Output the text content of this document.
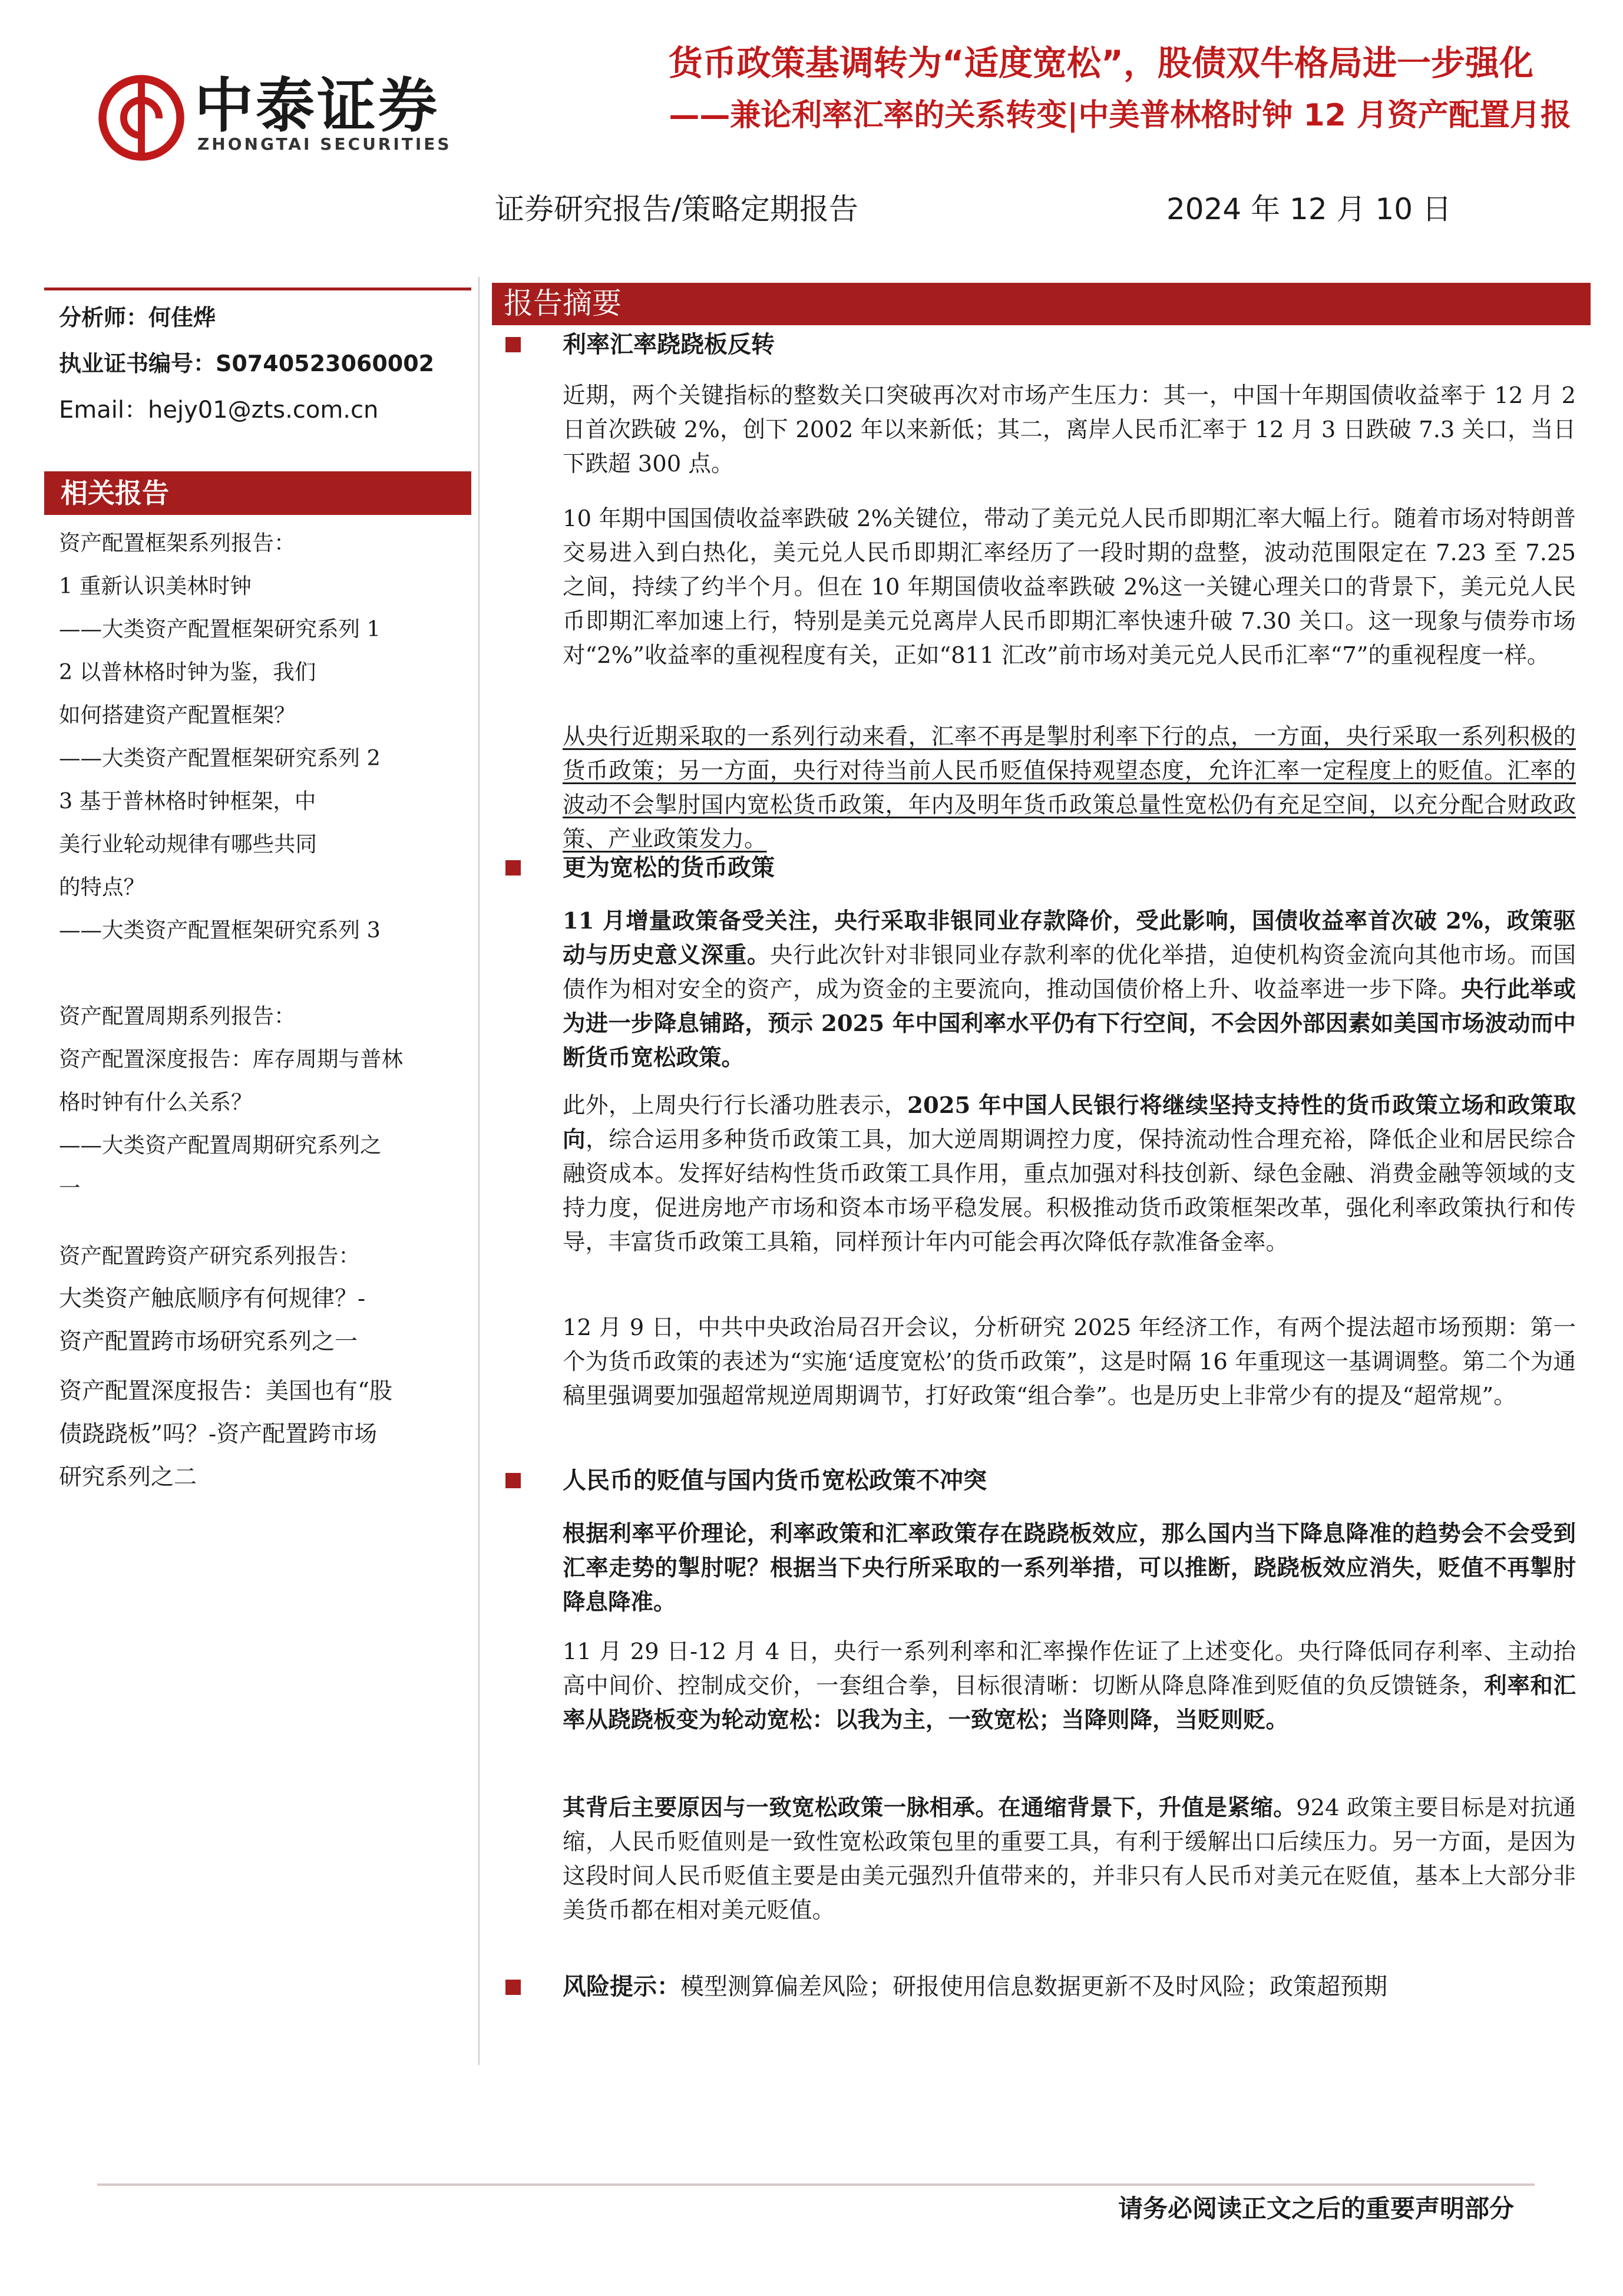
中泰证券
ZHONGTAI SECURITIES
货币政策基调转为“适度宽松”，股债双牛格局进一步强化
——兼论利率汇率的关系转变|中美普林格时钟 12 月资产配置月报
证券研究报告/策略定期报告	2024 年 12 月 10 日
分析师：何佳烨
执业证书编号：S0740523060002
Email：hejy01@zts.com.cn
相关报告
资产配置框架系列报告：
1 重新认识美林时钟
——大类资产配置框架研究系列 1
2 以普林格时钟为鉴，我们
如何搭建资产配置框架？
——大类资产配置框架研究系列 2
3 基于普林格时钟框架，中
美行业轮动规律有哪些共同
的特点？
——大类资产配置框架研究系列 3
资产配置周期系列报告：
资产配置深度报告：库存周期与普林
格时钟有什么关系？
——大类资产配置周期研究系列之
一
资产配置跨资产研究系列报告：
大类资产触底顺序有何规律？-
资产配置跨市场研究系列之一
资产配置深度报告：美国也有“股
债跷跷板”吗？-资产配置跨市场
研究系列之二
报告摘要
利率汇率跷跷板反转
近期，两个关键指标的整数关口突破再次对市场产生压力：其一，中国十年期国债收益率于 12 月 2 日首次跌破 2%，创下 2002 年以来新低；其二，离岸人民币汇率于 12 月 3 日跌破 7.3 关口，当日下跌超 300 点。
10 年期中国国债收益率跌破 2%关键位，带动了美元兑人民币即期汇率大幅上行。随着市场对特朗普交易进入到白热化，美元兑人民币即期汇率经历了一段时期的盘整，波动范围限定在 7.23 至 7.25 之间，持续了约半个月。但在 10 年期国债收益率跌破 2%这一关键心理关口的背景下，美元兑人民币即期汇率加速上行，特别是美元兑离岸人民币即期汇率快速升破 7.30 关口。这一现象与债券市场对“2%”收益率的重视程度有关，正如“811 汇改”前市场对美元兑人民币汇率“7”的重视程度一样。
从央行近期采取的一系列行动来看，汇率不再是掣肘利率下行的点，一方面，央行采取一系列积极的货币政策；另一方面，央行对待当前人民币贬值保持观望态度，允许汇率一定程度上的贬值。汇率的波动不会掣肘国内宽松货币政策，年内及明年货币政策总量性宽松仍有充足空间，以充分配合财政政策、产业政策发力。
更为宽松的货币政策
11 月增量政策备受关注，央行采取非银同业存款降价，受此影响，国债收益率首次破 2%，政策驱动与历史意义深重。央行此次针对非银同业存款利率的优化举措，迫使机构资金流向其他市场。而国债作为相对安全的资产，成为资金的主要流向，推动国债价格上升、收益率进一步下降。央行此举或为进一步降息铺路，预示 2025 年中国利率水平仍有下行空间，不会因外部因素如美国市场波动而中断货币宽松政策。
此外，上周央行行长潘功胜表示，2025 年中国人民银行将继续坚持支持性的货币政策立场和政策取向，综合运用多种货币政策工具，加大逆周期调控力度，保持流动性合理充裕，降低企业和居民综合融资成本。发挥好结构性货币政策工具作用，重点加强对科技创新、绿色金融、消费金融等领域的支持力度，促进房地产市场和资本市场平稳发展。积极推动货币政策框架改革，强化利率政策执行和传导，丰富货币政策工具箱，同样预计年内可能会再次降低存款准备金率。
12 月 9 日，中共中央政治局召开会议，分析研究 2025 年经济工作，有两个提法超市场预期：第一个为货币政策的表述为“实施‘适度宽松’的货币政策”，这是时隔 16 年重现这一基调调整。第二个为通稿里强调要加强超常规逆周期调节，打好政策“组合拳”。也是历史上非常少有的提及“超常规”。
人民币的贬值与国内货币宽松政策不冲突
根据利率平价理论，利率政策和汇率政策存在跷跷板效应，那么国内当下降息降准的趋势会不会受到汇率走势的掣肘呢？根据当下央行所采取的一系列举措，可以推断，跷跷板效应消失，贬值不再掣肘降息降准。
11 月 29 日-12 月 4 日，央行一系列利率和汇率操作佐证了上述变化。央行降低同存利率、主动抬高中间价、控制成交价，一套组合拳，目标很清晰：切断从降息降准到贬值的负反馈链条，利率和汇率从跷跷板变为轮动宽松：以我为主，一致宽松；当降则降，当贬则贬。
其背后主要原因与一致宽松政策一脉相承。在通缩背景下，升值是紧缩。924 政策主要目标是对抗通缩，人民币贬值则是一致性宽松政策包里的重要工具，有利于缓解出口后续压力。另一方面，是因为这段时间人民币贬值主要是由美元强烈升值带来的，并非只有人民币对美元在贬值，基本上大部分非美货币都在相对美元贬值。
风险提示：模型测算偏差风险；研报使用信息数据更新不及时风险；政策超预期
请务必阅读正文之后的重要声明部分
